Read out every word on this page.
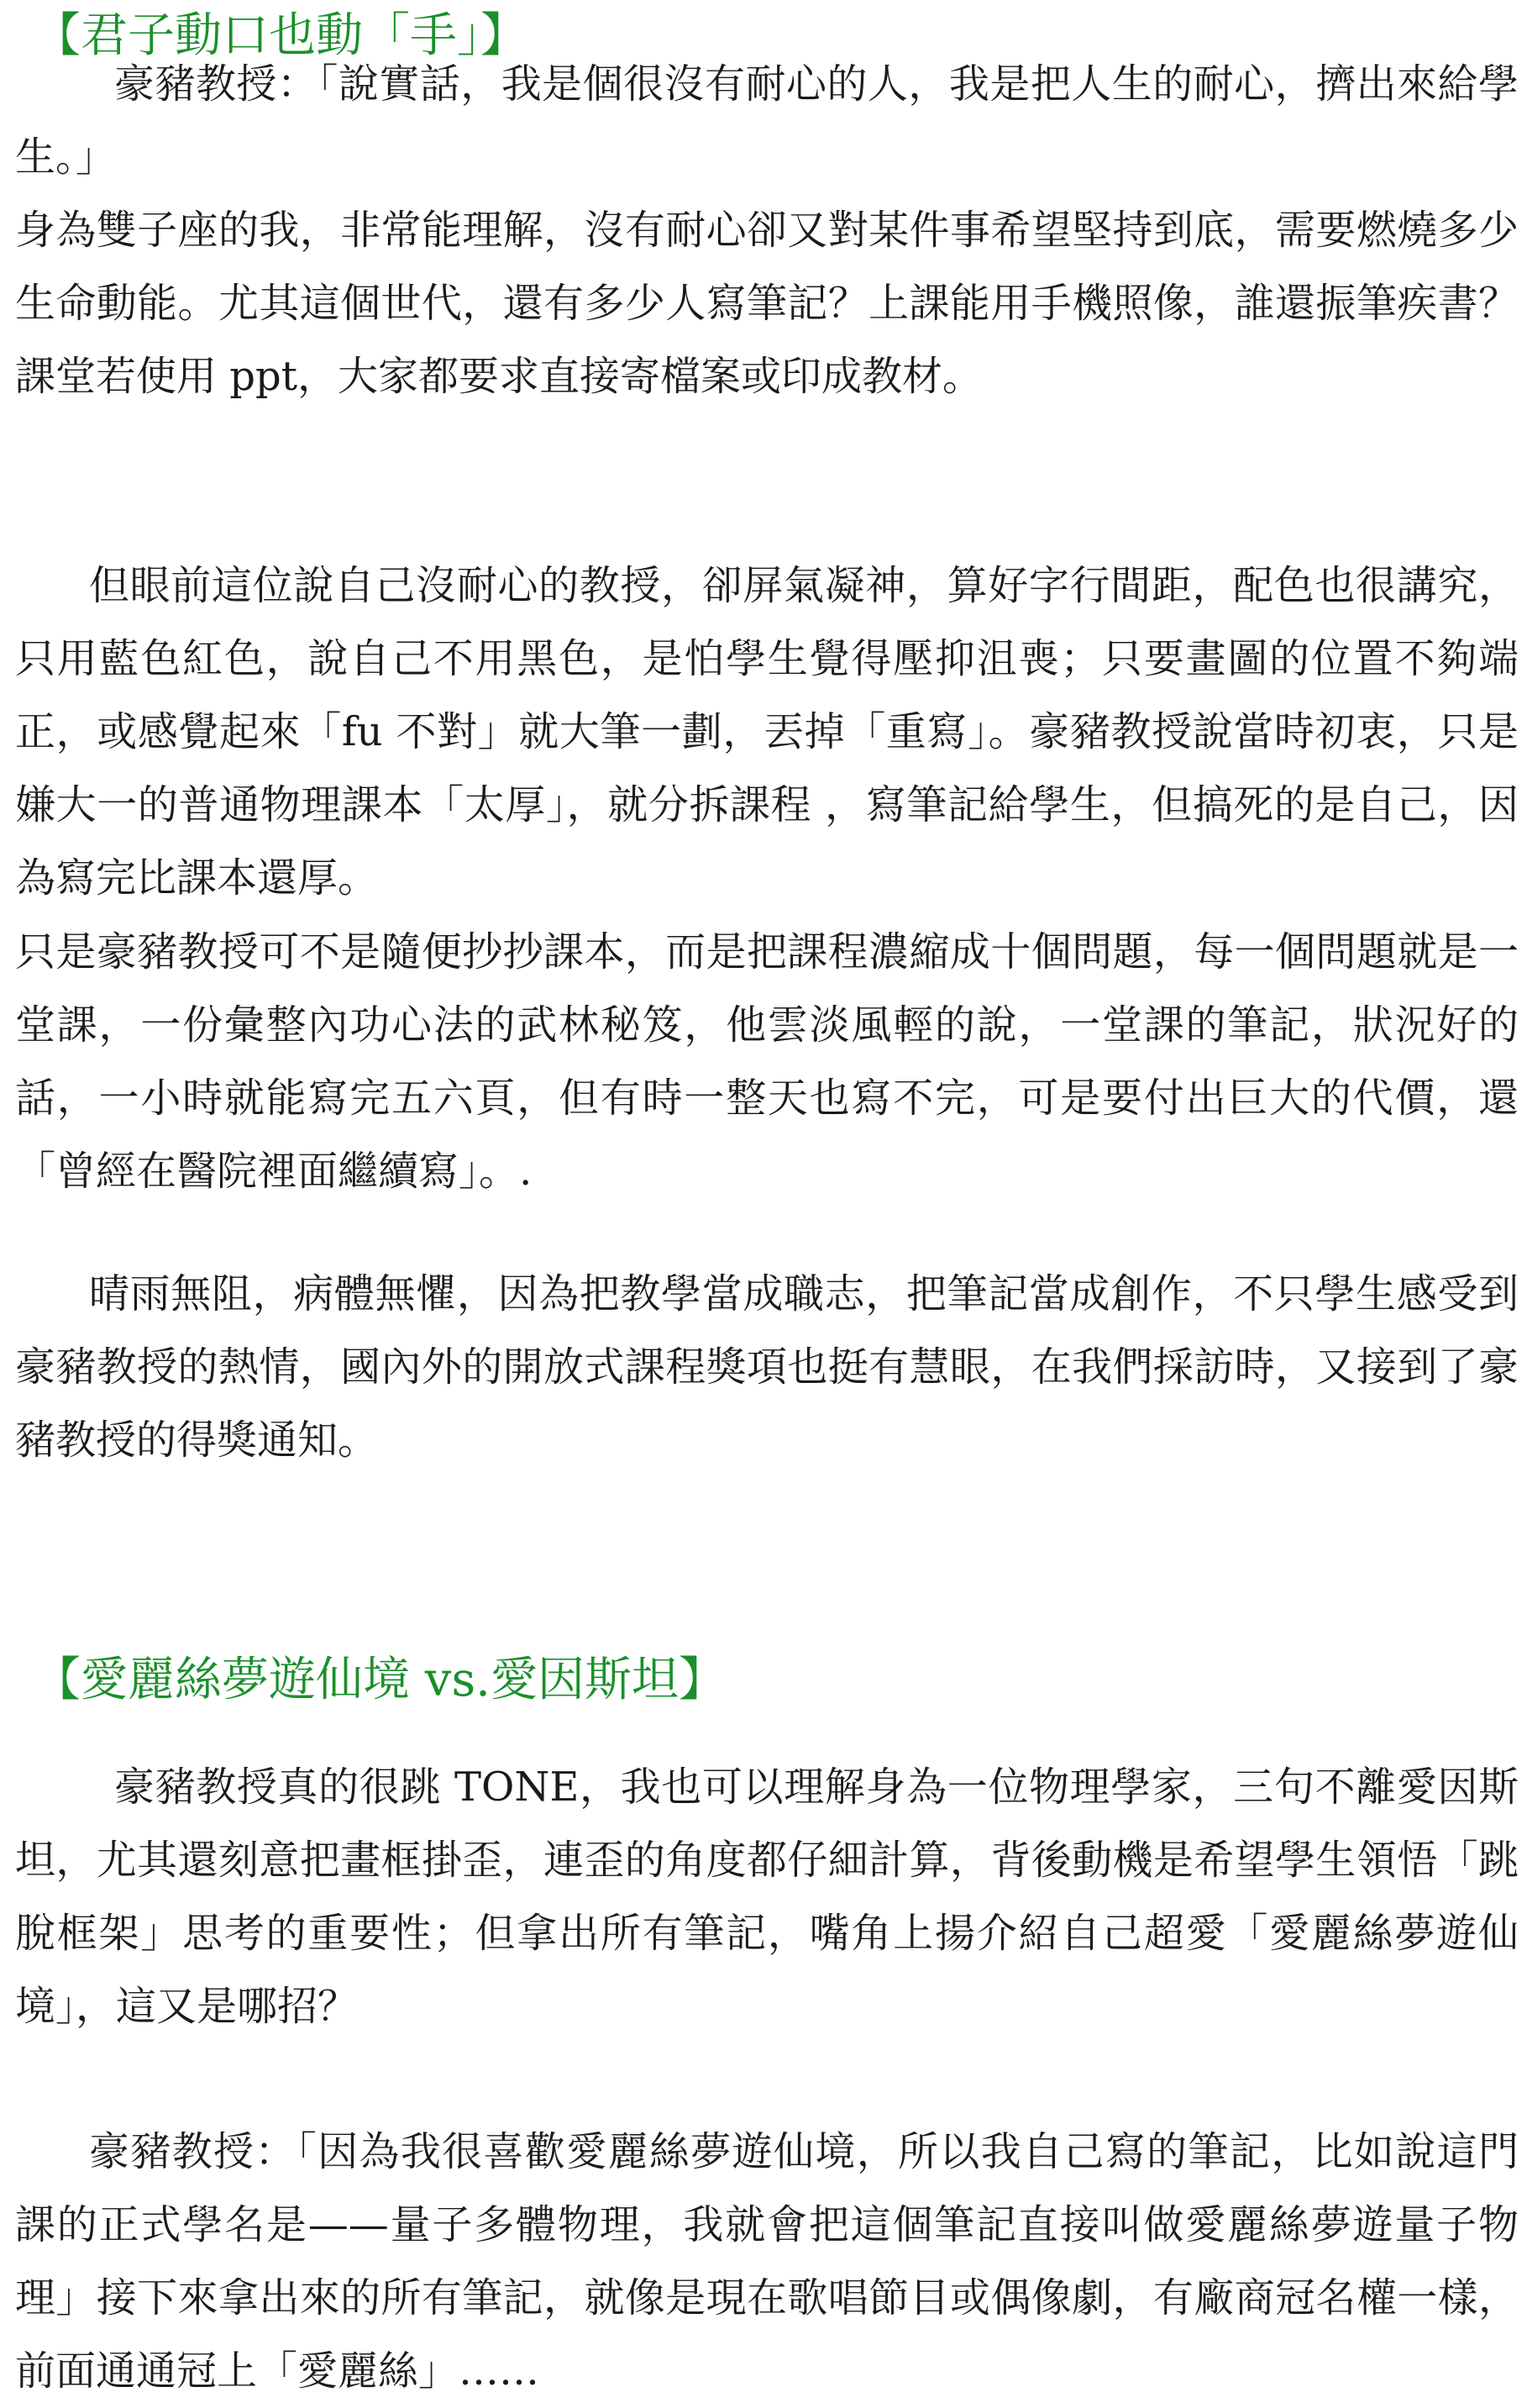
【君子動口也動「手」】

豪豬教授：「說實話，我是個很沒有耐心的人，我是把人生的耐心，擠出來給學生。」

身為雙子座的我，非常能理解，沒有耐心卻又對某件事希望堅持到底，需要燃燒多少生命動能。尤其這個世代，還有多少人寫筆記？上課能用手機照像，誰還振筆疾書？課堂若使用 ppt，大家都要求直接寄檔案或印成教材。

但眼前這位說自己沒耐心的教授，卻屏氣凝神，算好字行間距，配色也很講究，只用藍色紅色，說自己不用黑色，是怕學生覺得壓抑沮喪；只要畫圖的位置不夠端正，或感覺起來「fu 不對」就大筆一劃，丟掉「重寫」。豪豬教授說當時初衷，只是嫌大一的普通物理課本「太厚」，就分拆課程 ，寫筆記給學生，但搞死的是自己，因為寫完比課本還厚。

只是豪豬教授可不是隨便抄抄課本，而是把課程濃縮成十個問題，每一個問題就是一堂課，一份彙整內功心法的武林秘笈，他雲淡風輕的說，一堂課的筆記，狀況好的話，一小時就能寫完五六頁，但有時一整天也寫不完，可是要付出巨大的代價，還「曾經在醫院裡面繼續寫」。.

晴雨無阻，病體無懼，因為把教學當成職志，把筆記當成創作，不只學生感受到豪豬教授的熱情，國內外的開放式課程獎項也挺有慧眼，在我們採訪時，又接到了豪豬教授的得獎通知。

【愛麗絲夢遊仙境 vs.愛因斯坦】

豪豬教授真的很跳 TONE，我也可以理解身為一位物理學家，三句不離愛因斯坦，尤其還刻意把畫框掛歪，連歪的角度都仔細計算，背後動機是希望學生領悟「跳脫框架」思考的重要性；但拿出所有筆記，嘴角上揚介紹自己超愛「愛麗絲夢遊仙境」，這又是哪招？

豪豬教授：「因為我很喜歡愛麗絲夢遊仙境，所以我自己寫的筆記，比如說這門課的正式學名是——量子多體物理，我就會把這個筆記直接叫做愛麗絲夢遊量子物理」接下來拿出來的所有筆記，就像是現在歌唱節目或偶像劇，有廠商冠名權一樣，前面通通冠上「愛麗絲」……
